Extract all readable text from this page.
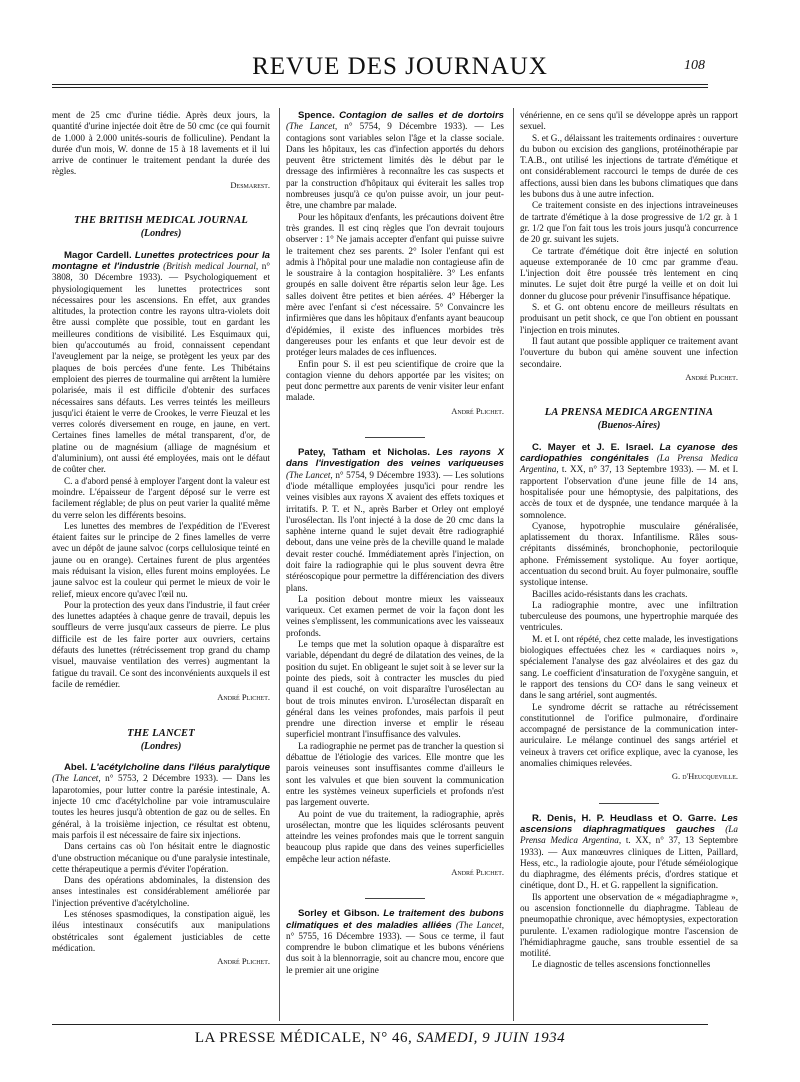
REVUE DES JOURNAUX	108

ment de 25 cmc d'urine tiédie. Après deux jours, la quantité d'urine injectée doit être de 50 cmc (ce qui fournit de 1.000 à 2.000 unités-souris de folliculine). Pendant la durée d'un mois, W. donne de 15 à 18 lavements et il lui arrive de continuer le traitement pendant la durée des règles.

Desmarest.
THE BRITISH MEDICAL JOURNAL
(Londres)

Magor Cardell. Lunettes protectrices pour la montagne et l'industrie (British medical Journal, n° 3808, 30 Décembre 1933). — Psychologiquement et physiologiquement les lunettes protectrices sont nécessaires pour les ascensions. En effet, aux grandes altitudes, la protection contre les rayons ultra-violets doit être aussi complète que possible, tout en gardant les meilleures conditions de visibilité. Les Esquimaux qui, bien qu'accoutumés au froid, connaissent cependant l'aveuglement par la neige, se protègent les yeux par des plaques de bois percées d'une fente. Les Thibétains emploient des pierres de tourmaline qui arrêtent la lumière polarisée, mais il est difficile d'obtenir des surfaces nécessaires sans défauts. Les verres teintés les meilleurs jusqu'ici étaient le verre de Crookes, le verre Fieuzal et les verres colorés diversement en rouge, en jaune, en vert. Certaines fines lamelles de métal transparent, d'or, de platine ou de magnésium (alliage de magnésium et d'aluminium), ont aussi été employées, mais ont le défaut de coûter cher.

C. a d'abord pensé à employer l'argent dont la valeur est moindre. L'épaisseur de l'argent déposé sur le verre est facilement réglable; de plus on peut varier la qualité même du verre selon les différents besoins.

Les lunettes des membres de l'expédition de l'Everest étaient faites sur le principe de 2 fines lamelles de verre avec un dépôt de jaune salvoc (corps cellulosique teinté en jaune ou en orange). Certaines furent de plus argentées mais réduisant la vision, elles furent moins employées. Le jaune salvoc est la couleur qui permet le mieux de voir le relief, mieux encore qu'avec l'œil nu.

Pour la protection des yeux dans l'industrie, il faut créer des lunettes adaptées à chaque genre de travail, depuis les souffleurs de verre jusqu'aux casseurs de pierre. Le plus difficile est de les faire porter aux ouvriers, certains défauts des lunettes (rétrécissement trop grand du champ visuel, mauvaise ventilation des verres) augmentant la fatigue du travail. Ce sont des inconvénients auxquels il est facile de remédier.

André Plichet.
THE LANCET
(Londres)

Abel. L'acétylcholine dans l'iléus paralytique (The Lancet, n° 5753, 2 Décembre 1933). — Dans les laparotomies, pour lutter contre la parésie intestinale, A. injecte 10 cmc d'acétylcholine par voie intramusculaire toutes les heures jusqu'à obtention de gaz ou de selles. En général, à la troisième injection, ce résultat est obtenu, mais parfois il est nécessaire de faire six injections.

Dans certains cas où l'on hésitait entre le diagnostic d'une obstruction mécanique ou d'une paralysie intestinale, cette thérapeutique a permis d'éviter l'opération.

Dans des opérations abdominales, la distension des anses intestinales est considérablement améliorée par l'injection préventive d'acétylcholine.

Les sténoses spasmodiques, la constipation aiguë, les iléus intestinaux consécutifs aux manipulations obstétricales sont également justiciables de cette médication.

André Plichet.

Spence. Contagion de salles et de dortoirs (The Lancet, n° 5754, 9 Décembre 1933). — Les contagions sont variables selon l'âge et la classe sociale. Dans les hôpitaux, les cas d'infection apportés du dehors peuvent être strictement limités dès le début par le dressage des infirmières à reconnaître les cas suspects et par la construction d'hôpitaux qui éviterait les salles trop nombreuses jusqu'à ce qu'on puisse avoir, un jour peut-être, une chambre par malade.

Pour les hôpitaux d'enfants, les précautions doivent être très grandes. Il est cinq règles que l'on devrait toujours observer : 1° Ne jamais accepter d'enfant qui puisse suivre le traitement chez ses parents. 2° Isoler l'enfant qui est admis à l'hôpital pour une maladie non contagieuse afin de le soustraire à la contagion hospitalière. 3° Les enfants groupés en salle doivent être répartis selon leur âge. Les salles doivent être petites et bien aérées. 4° Héberger la mère avec l'enfant si c'est nécessaire. 5° Convaincre les infirmières que dans les hôpitaux d'enfants ayant beaucoup d'épidémies, il existe des influences morbides très dangereuses pour les enfants et que leur devoir est de protéger leurs malades de ces influences.

Enfin pour S. il est peu scientifique de croire que la contagion vienne du dehors apportée par les visites; on peut donc permettre aux parents de venir visiter leur enfant malade.

André Plichet.

Patey, Tatham et Nicholas. Les rayons X dans l'investigation des veines variqueuses (The Lancet, n° 5754, 9 Décembre 1933). — Les solutions d'iode métallique employées jusqu'ici pour rendre les veines visibles aux rayons X avaient des effets toxiques et irritatifs. P. T. et N., après Barber et Orley ont employé l'urosélectan. Ils l'ont injecté à la dose de 20 cmc dans la saphène interne quand le sujet devait être radiographié debout, dans une veine près de la cheville quand le malade devait rester couché. Immédiatement après l'injection, on doit faire la radiographie qui le plus souvent devra être stéréoscopique pour permettre la différenciation des divers plans.

La position debout montre mieux les vaisseaux variqueux. Cet examen permet de voir la façon dont les veines s'emplissent, les communications avec les vaisseaux profonds.

Le temps que met la solution opaque à disparaître est variable, dépendant du degré de dilatation des veines, de la position du sujet. En obligeant le sujet soit à se lever sur la pointe des pieds, soit à contracter les muscles du pied quand il est couché, on voit disparaître l'urosélectan au bout de trois minutes environ. L'urosélectan disparaît en général dans les veines profondes, mais parfois il peut prendre une direction inverse et emplir le réseau superficiel montrant l'insuffisance des valvules.

La radiographie ne permet pas de trancher la question si débattue de l'étiologie des varices. Elle montre que les parois veineuses sont insuffisantes comme d'ailleurs le sont les valvules et que bien souvent la communication entre les systèmes veineux superficiels et profonds n'est pas largement ouverte.

Au point de vue du traitement, la radiographie, après urosélectan, montre que les liquides sclérosants peuvent atteindre les veines profondes mais que le torrent sanguin beaucoup plus rapide que dans des veines superficielles empêche leur action néfaste.

André Plichet.

Sorley et Gibson. Le traitement des bubons climatiques et des maladies alliées (The Lancet, n° 5755, 16 Décembre 1933). — Sous ce terme, il faut comprendre le bubon climatique et les bubons vénériens dus soit à la blennorragie, soit au chancre mou, encore que le premier ait une origine

vénérienne, en ce sens qu'il se développe après un rapport sexuel.

S. et G., délaissant les traitements ordinaires : ouverture du bubon ou excision des ganglions, protéinothérapie par T.A.B., ont utilisé les injections de tartrate d'émétique et ont considérablement raccourci le temps de durée de ces affections, aussi bien dans les bubons climatiques que dans les bubons dus à une autre infection.

Ce traitement consiste en des injections intraveineuses de tartrate d'émétique à la dose progressive de 1/2 gr. à 1 gr. 1/2 que l'on fait tous les trois jours jusqu'à concurrence de 20 gr. suivant les sujets.

Ce tartrate d'émétique doit être injecté en solution aqueuse extemporanée de 10 cmc par gramme d'eau. L'injection doit être poussée très lentement en cinq minutes. Le sujet doit être purgé la veille et on doit lui donner du glucose pour prévenir l'insuffisance hépatique.

S. et G. ont obtenu encore de meilleurs résultats en produisant un petit shock, ce que l'on obtient en poussant l'injection en trois minutes.

Il faut autant que possible appliquer ce traitement avant l'ouverture du bubon qui amène souvent une infection secondaire.

André Plichet.
LA PRENSA MEDICA ARGENTINA
(Buenos-Aires)

C. Mayer et J. E. Israel. La cyanose des cardiopathies congénitales (La Prensa Medica Argentina, t. XX, n° 37, 13 Septembre 1933). — M. et I. rapportent l'observation d'une jeune fille de 14 ans, hospitalisée pour une hémoptysie, des palpitations, des accès de toux et de dyspnée, une tendance marquée à la somnolence.

Cyanose, hypotrophie musculaire généralisée, aplatissement du thorax. Infantilisme. Râles sous-crépitants disséminés, bronchophonie, pectoriloquie aphone. Frémissement systolique. Au foyer aortique, accentuation du second bruit. Au foyer pulmonaire, souffle systolique intense.

Bacilles acido-résistants dans les crachats.

La radiographie montre, avec une infiltration tuberculeuse des poumons, une hypertrophie marquée des ventricules.

M. et I. ont répété, chez cette malade, les investigations biologiques effectuées chez les « cardiaques noirs », spécialement l'analyse des gaz alvéolaires et des gaz du sang. Le coefficient d'insaturation de l'oxygène sanguin, et le rapport des tensions du CO² dans le sang veineux et dans le sang artériel, sont augmentés.

Le syndrome décrit se rattache au rétrécissement constitutionnel de l'orifice pulmonaire, d'ordinaire accompagné de persistance de la communication inter-auriculaire. Le mélange continuel des sangs artériel et veineux à travers cet orifice explique, avec la cyanose, les anomalies chimiques relevées.

G. d'Heucqueville.

R. Denis, H. P. Heudlass et O. Garre. Les ascensions diaphragmatiques gauches (La Prensa Medica Argentina, t. XX, n° 37, 13 Septembre 1933). — Aux manœuvres cliniques de Litten, Paillard, Hess, etc., la radiologie ajoute, pour l'étude séméiologique du diaphragme, des éléments précis, d'ordres statique et cinétique, dont D., H. et G. rappellent la signification.

Ils apportent une observation de « mégadiaphragme », ou ascension fonctionnelle du diaphragme. Tableau de pneumopathie chronique, avec hémoptysies, expectoration purulente. L'examen radiologique montre l'ascension de l'hémidiaphragme gauche, sans trouble essentiel de sa motilité.

Le diagnostic de telles ascensions fonctionnelles

LA PRESSE MÉDICALE, N° 46, SAMEDI, 9 JUIN 1934
